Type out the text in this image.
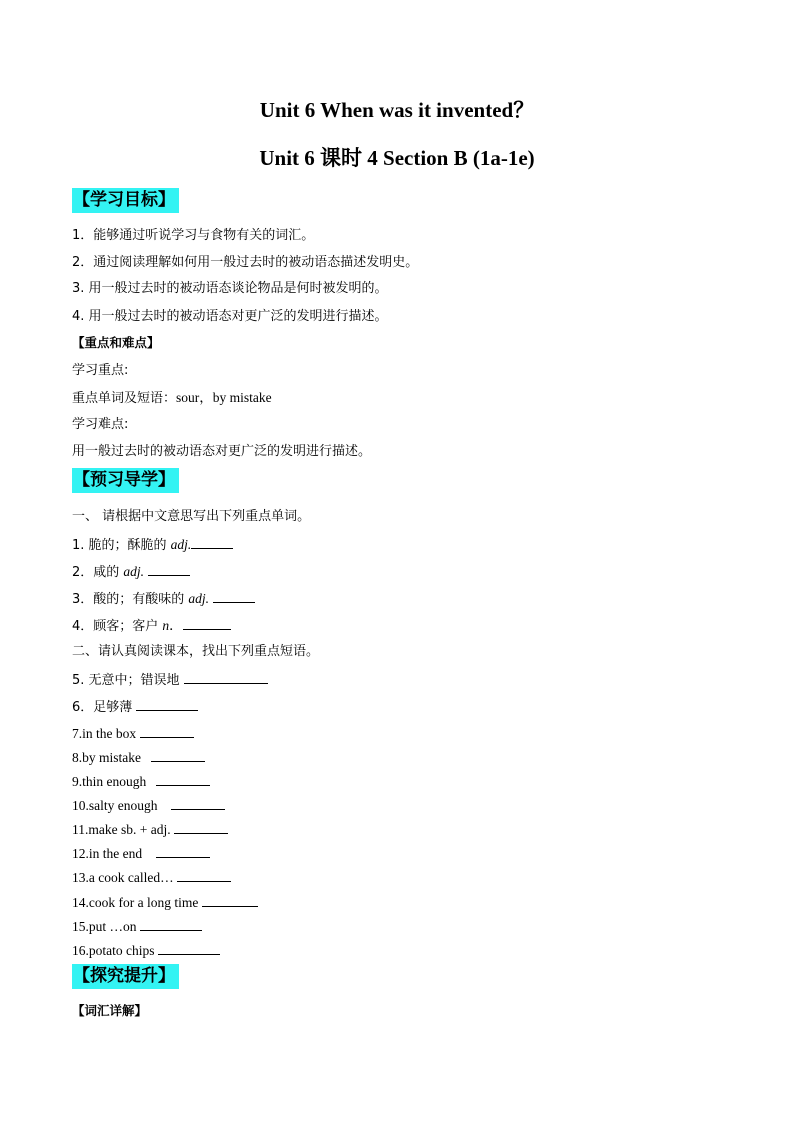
Unit 6 When was it invented？
Unit 6 课时 4 Section B (1a-1e)
【学习目标】
1．能够通过听说学习与食物有关的词汇。
2．通过阅读理解如何用一般过去时的被动语态描述发明史。
3. 用一般过去时的被动语态谈论物品是何时被发明的。
4. 用一般过去时的被动语态对更广泛的发明进行描述。
【重点和难点】
学习重点:
重点单词及短语：sour，by mistake
学习难点:
用一般过去时的被动语态对更广泛的发明进行描述。
【预习导学】
一、 请根据中文意思写出下列重点单词。
1. 脆的；酥脆的 adj.
2．咸的 adj.
3．酸的；有酸味的 adj.
4．顾客；客户 n．
二、请认真阅读课本，找出下列重点短语。
5. 无意中；错误地
6．足够薄
7.in the box
8.by mistake
9.thin enough
10.salty enough
11.make sb. + adj.
12.in the end
13.a cook called…
14.cook for a long time
15.put …on
16.potato chips
【探究提升】
【词汇详解】
